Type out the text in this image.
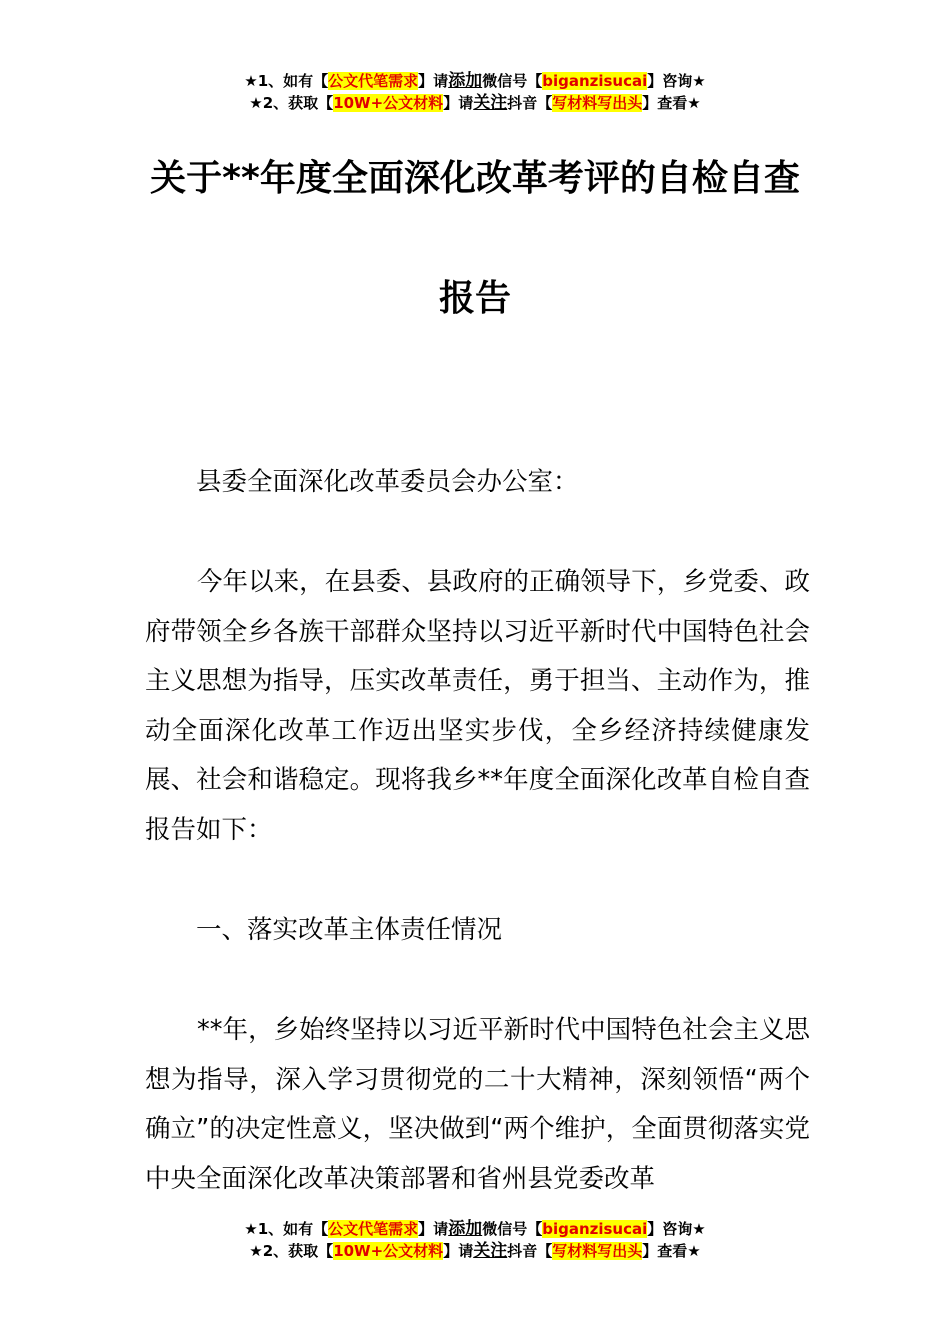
★1、如有【公文代笔需求】请添加微信号【biganzisucai】咨询★
★2、获取【10W+公文材料】请关注抖音【写材料写出头】查看★
关于**年度全面深化改革考评的自检自查
报告
县委全面深化改革委员会办公室：
今年以来，在县委、县政府的正确领导下，乡党委、政府带领全乡各族干部群众坚持以习近平新时代中国特色社会主义思想为指导，压实改革责任，勇于担当、主动作为，推动全面深化改革工作迈出坚实步伐，全乡经济持续健康发展、社会和谐稳定。现将我乡**年度全面深化改革自检自查报告如下：
一、落实改革主体责任情况
**年，乡始终坚持以习近平新时代中国特色社会主义思想为指导，深入学习贯彻党的二十大精神，深刻领悟“两个确立”的决定性意义，坚决做到“两个维护，全面贯彻落实党中央全面深化改革决策部署和省州县党委改革
★1、如有【公文代笔需求】请添加微信号【biganzisucai】咨询★
★2、获取【10W+公文材料】请关注抖音【写材料写出头】查看★
